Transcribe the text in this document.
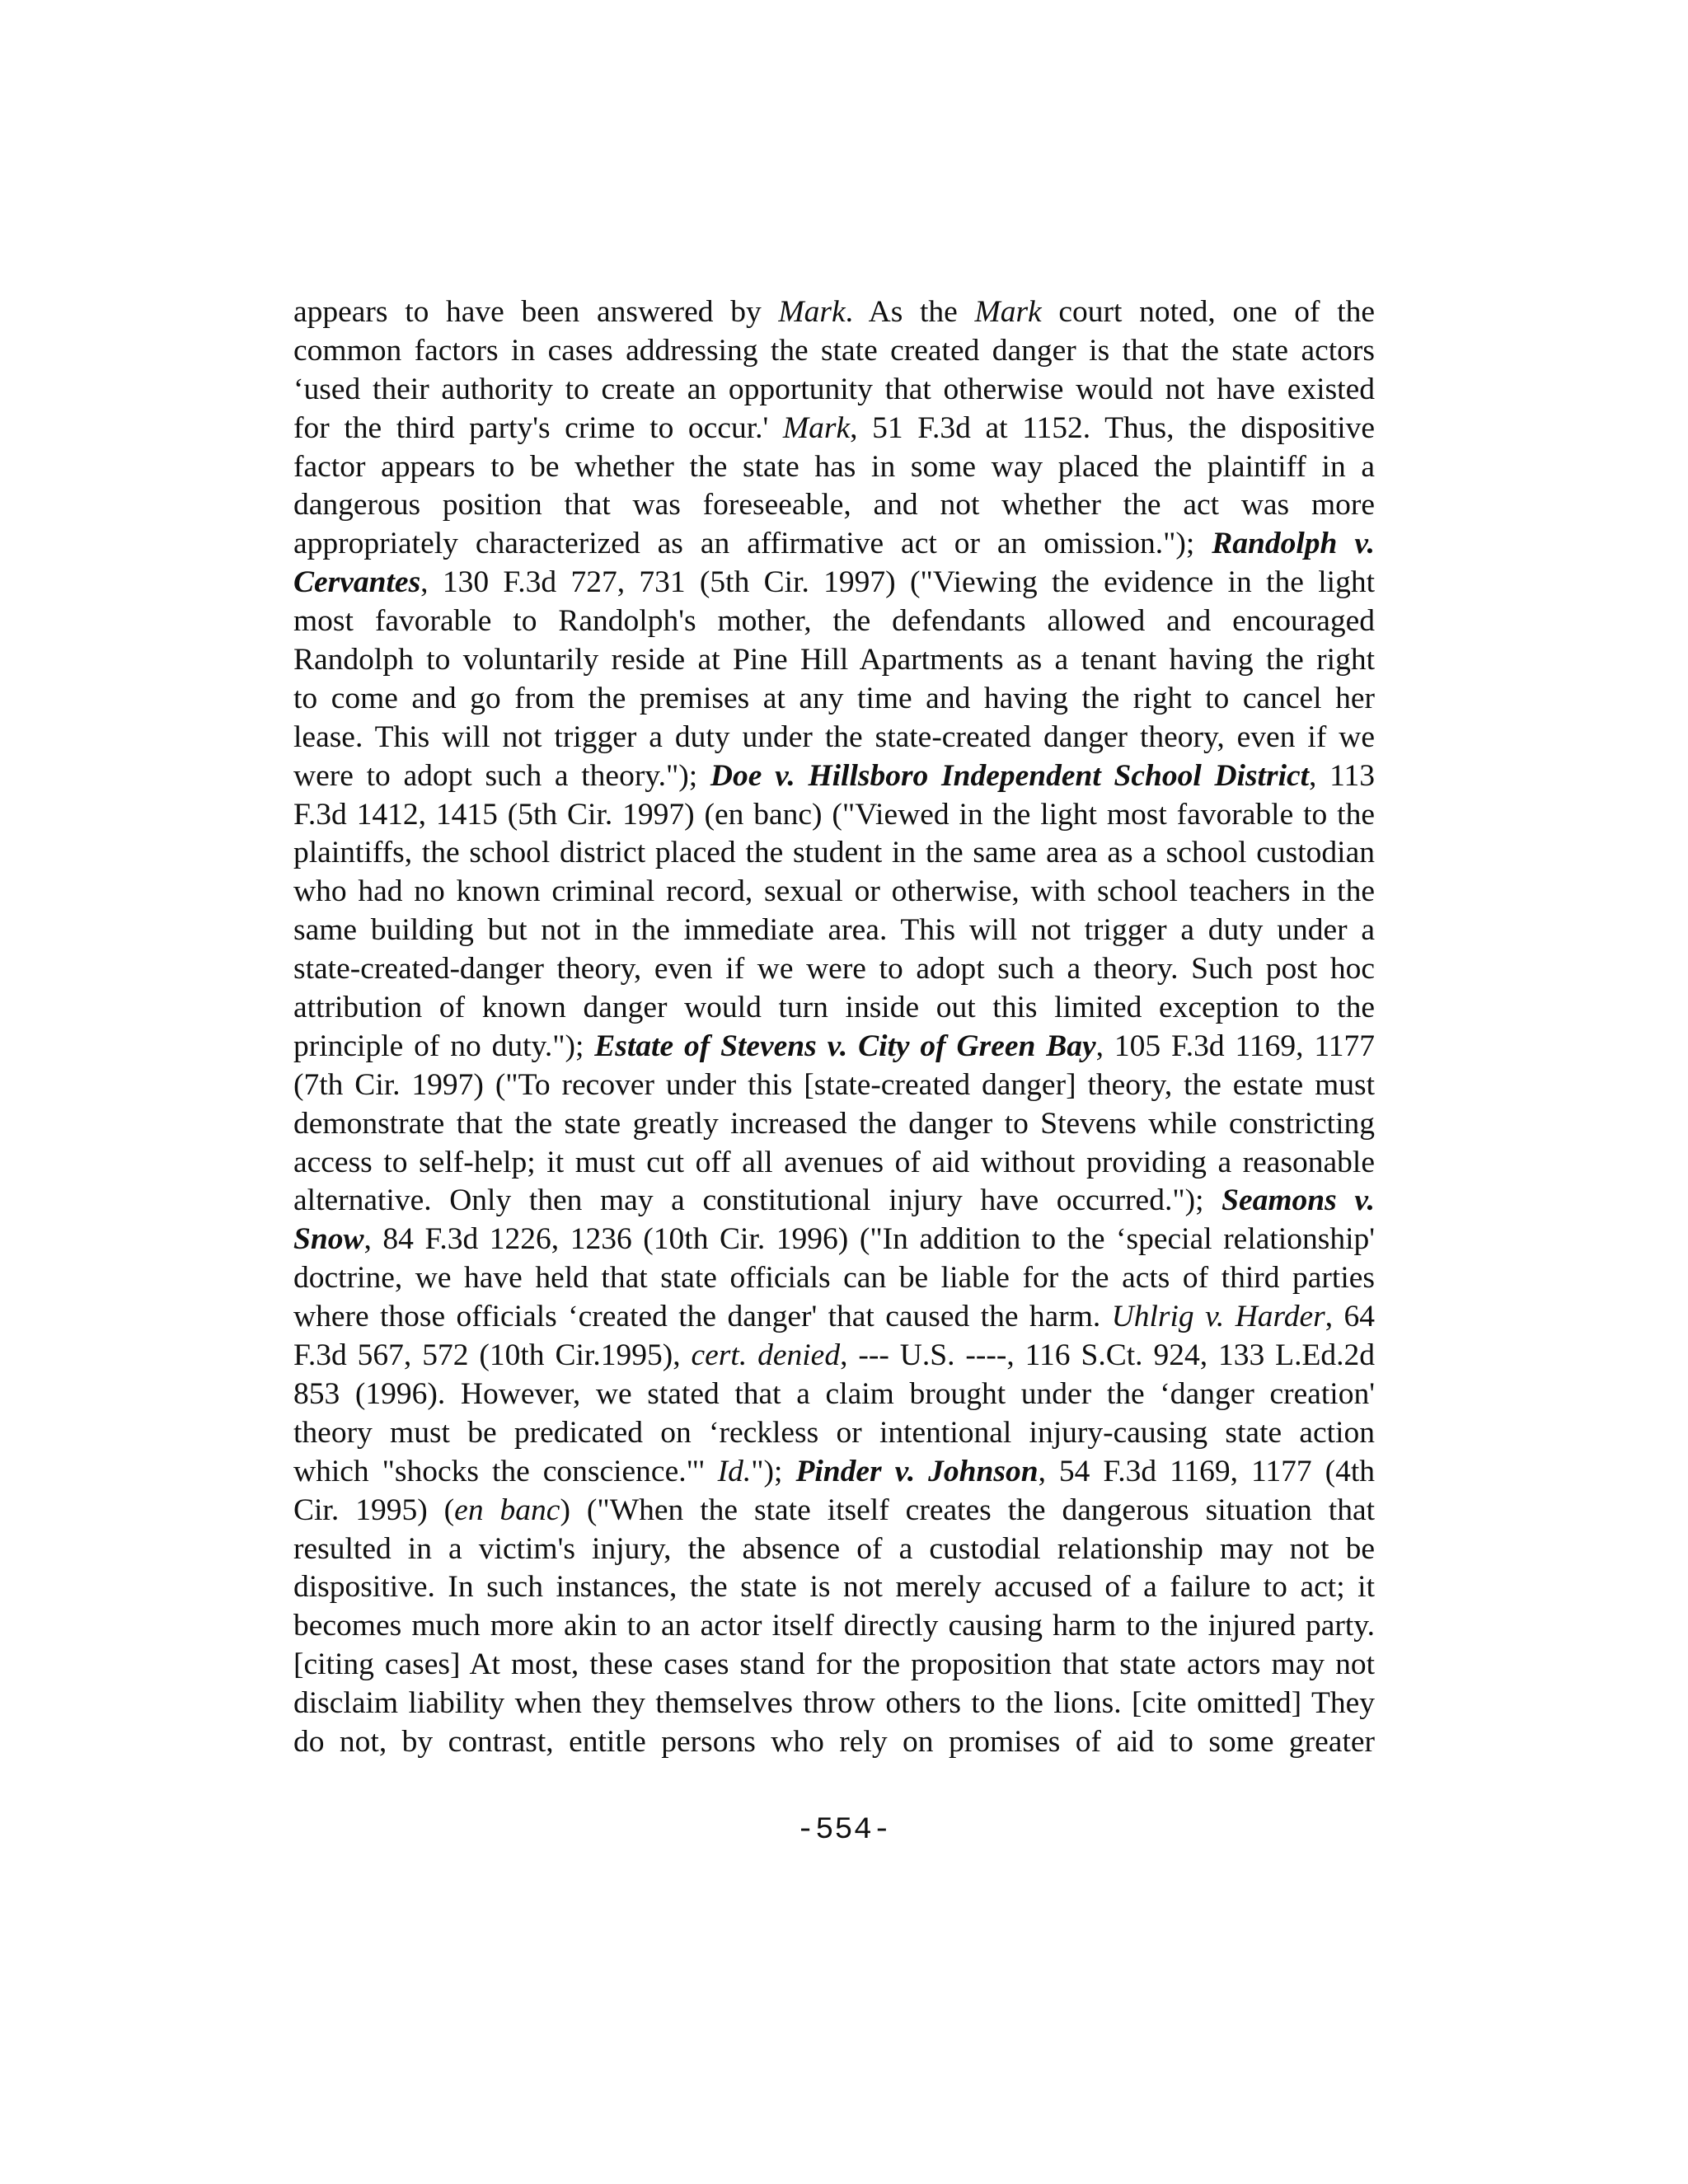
appears to have been answered by Mark. As the Mark court noted, one of the
common factors in cases addressing the state created danger is that the state actors
‘used their authority to create an opportunity that otherwise would not have existed
for the third party's crime to occur.' Mark, 51 F.3d at 1152. Thus, the dispositive
factor appears to be whether the state has in some way placed the plaintiff in a
dangerous position that was foreseeable, and not whether the act was more
appropriately characterized as an affirmative act or an omission."); Randolph v.
Cervantes, 130 F.3d 727, 731 (5th Cir. 1997) ("Viewing the evidence in the light
most favorable to Randolph's mother, the defendants allowed and encouraged
Randolph to voluntarily reside at Pine Hill Apartments as a tenant having the right
to come and go from the premises at any time and having the right to cancel her
lease. This will not trigger a duty under the state-created danger theory, even if we
were to adopt such a theory."); Doe v. Hillsboro Independent School District, 113
F.3d 1412, 1415 (5th Cir. 1997) (en banc) ("Viewed in the light most favorable to the
plaintiffs, the school district placed the student in the same area as a school custodian
who had no known criminal record, sexual or otherwise, with school teachers in the
same building but not in the immediate area. This will not trigger a duty under a
state-created-danger theory, even if we were to adopt such a theory. Such post hoc
attribution of known danger would turn inside out this limited exception to the
principle of no duty."); Estate of Stevens v. City of Green Bay, 105 F.3d 1169, 1177
(7th Cir. 1997) ("To recover under this [state-created danger] theory, the estate must
demonstrate that the state greatly increased the danger to Stevens while constricting
access to self-help; it must cut off all avenues of aid without providing a reasonable
alternative. Only then may a constitutional injury have occurred."); Seamons v.
Snow, 84 F.3d 1226, 1236 (10th Cir. 1996) ("In addition to the ‘special relationship'
doctrine, we have held that state officials can be liable for the acts of third parties
where those officials ‘created the danger' that caused the harm. Uhlrig v. Harder, 64
F.3d 567, 572 (10th Cir.1995), cert. denied, --- U.S. ----, 116 S.Ct. 924, 133 L.Ed.2d
853 (1996). However, we stated that a claim brought under the ‘danger creation'
theory must be predicated on ‘reckless or intentional injury-causing state action
which "shocks the conscience."' Id."); Pinder v. Johnson, 54 F.3d 1169, 1177 (4th
Cir. 1995) (en banc) ("When the state itself creates the dangerous situation that
resulted in a victim's injury, the absence of a custodial relationship may not be
dispositive. In such instances, the state is not merely accused of a failure to act; it
becomes much more akin to an actor itself directly causing harm to the injured party.
[citing cases] At most, these cases stand for the proposition that state actors may not
disclaim liability when they themselves throw others to the lions. [cite omitted] They
do not, by contrast, entitle persons who rely on promises of aid to some greater
-554-
